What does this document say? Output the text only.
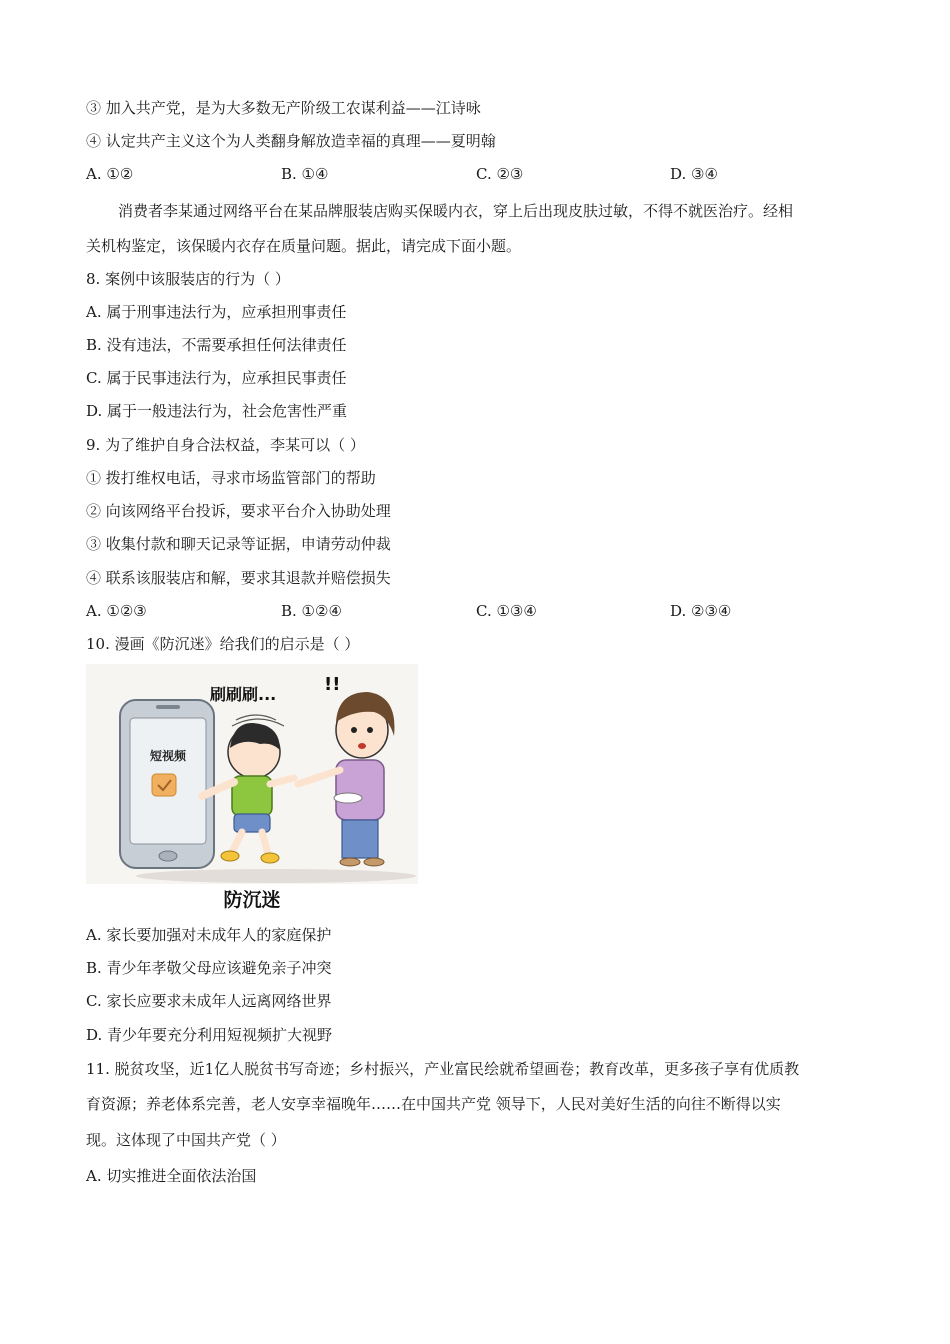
③ 加入共产党，是为大多数无产阶级工农谋利益——江诗咏
④ 认定共产主义这个为人类翻身解放造幸福的真理——夏明翰
A. ①②	B. ①④	C. ②③	D. ③④
消费者李某通过网络平台在某品牌服装店购买保暖内衣，穿上后出现皮肤过敏，不得不就医治疗。经相
关机构鉴定，该保暖内衣存在质量问题。据此，请完成下面小题。
8. 案例中该服装店的行为（ ）
A. 属于刑事违法行为，应承担刑事责任
B. 没有违法，不需要承担任何法律责任
C. 属于民事违法行为，应承担民事责任
D. 属于一般违法行为，社会危害性严重
9. 为了维护自身合法权益，李某可以（ ）
① 拨打维权电话，寻求市场监管部门的帮助
② 向该网络平台投诉，要求平台介入协助处理
③ 收集付款和聊天记录等证据，申请劳动仲裁
④ 联系该服装店和解，要求其退款并赔偿损失
A. ①②③	B. ①②④	C. ①③④	D. ②③④
10. 漫画《防沉迷》给我们的启示是（ ）
短视频
刷刷刷...	!!
防沉迷
A. 家长要加强对未成年人的家庭保护
B. 青少年孝敬父母应该避免亲子冲突
C. 家长应要求未成年人远离网络世界
D. 青少年要充分利用短视频扩大视野
11. 脱贫攻坚，近1亿人脱贫书写奇迹；乡村振兴，产业富民绘就希望画卷；教育改革，更多孩子享有优质教
育资源；养老体系完善，老人安享幸福晚年……在中国共产党 领导下，人民对美好生活的向往不断得以实
现。这体现了中国共产党（ ）
A. 切实推进全面依法治国
